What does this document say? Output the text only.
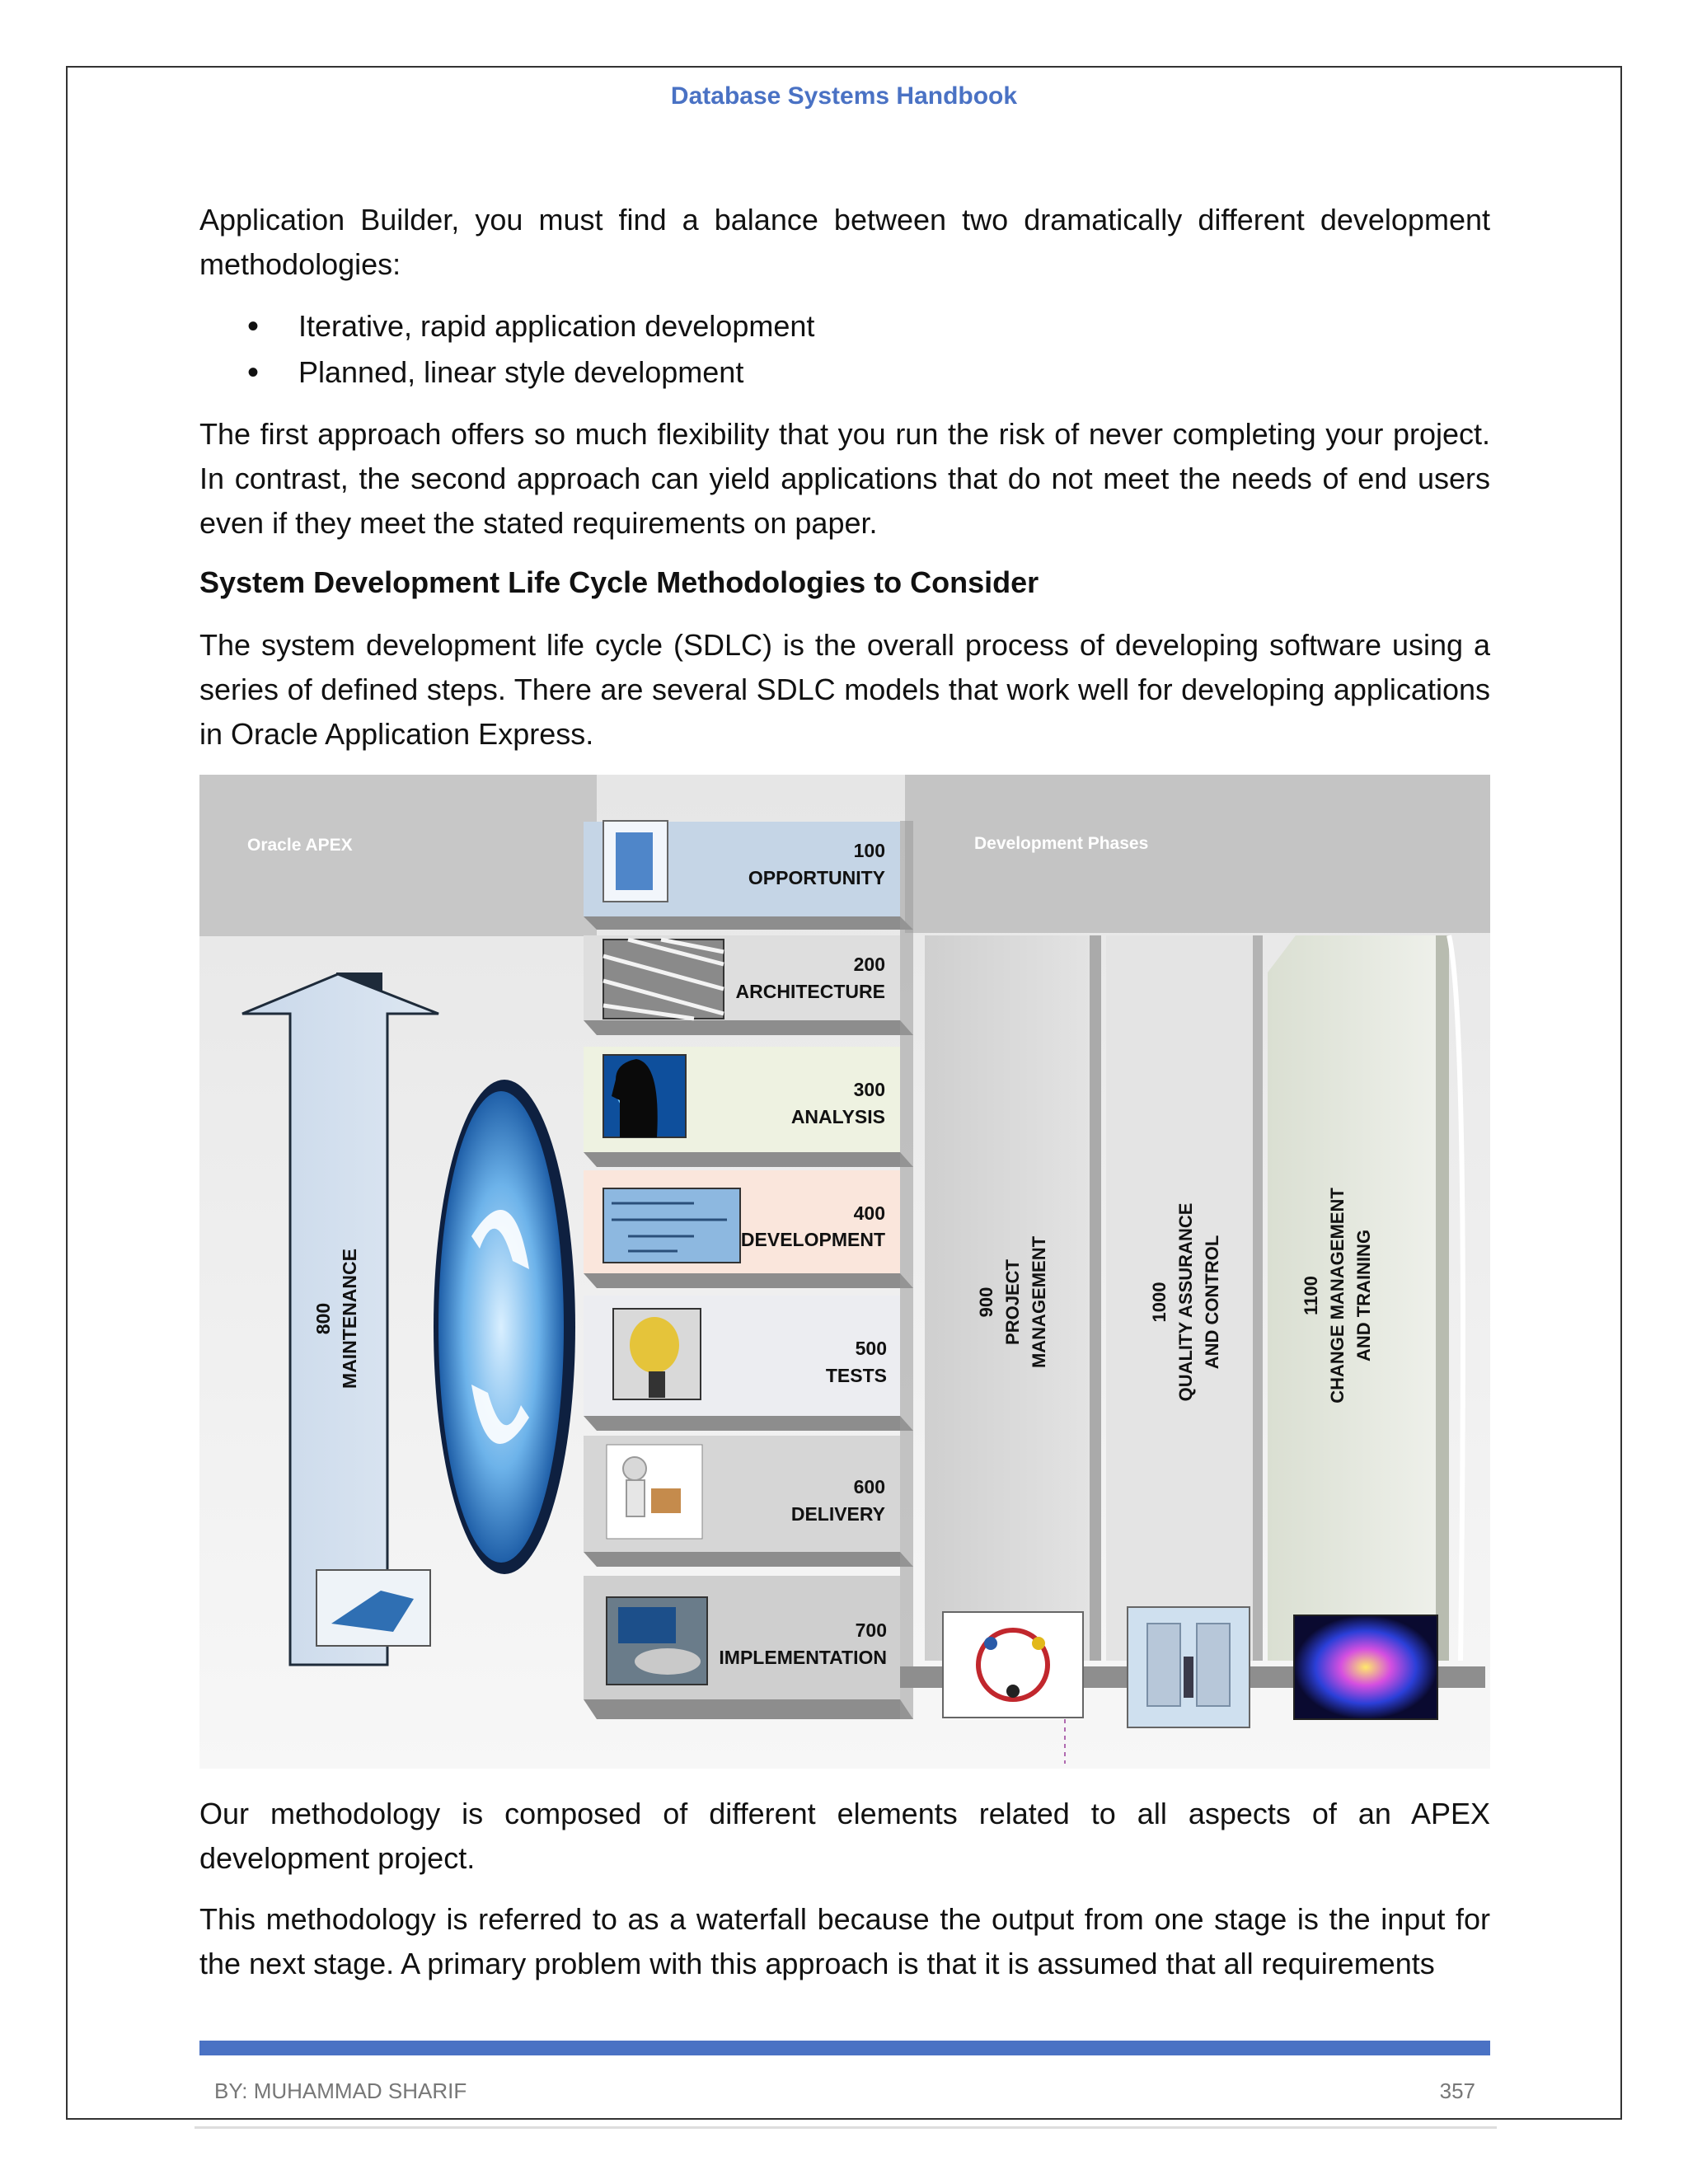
Database Systems Handbook

Application Builder, you must find a balance between two dramatically different development methodologies:

• Iterative, rapid application development
• Planned, linear style development

The first approach offers so much flexibility that you run the risk of never completing your project. In contrast, the second approach can yield applications that do not meet the needs of end users even if they meet the stated requirements on paper.

System Development Life Cycle Methodologies to Consider

The system development life cycle (SDLC) is the overall process of developing software using a series of defined steps. There are several SDLC models that work well for developing applications in Oracle Application Express.

Oracle APEX	Development Phases
800 MAINTENANCE
100
OPPORTUNITY
200
ARCHITECTURE
300
ANALYSIS
400
DEVELOPMENT
500
TESTS
600
DELIVERY
700
IMPLEMENTATION
900 PROJECT MANAGEMENT	1000 QUALITY ASSURANCE AND CONTROL	1100 CHANGE MANAGEMENT AND TRAINING

Our methodology is composed of different elements related to all aspects of an APEX development project.

This methodology is referred to as a waterfall because the output from one stage is the input for the next stage. A primary problem with this approach is that it is assumed that all requirements

BY: MUHAMMAD SHARIF	357
